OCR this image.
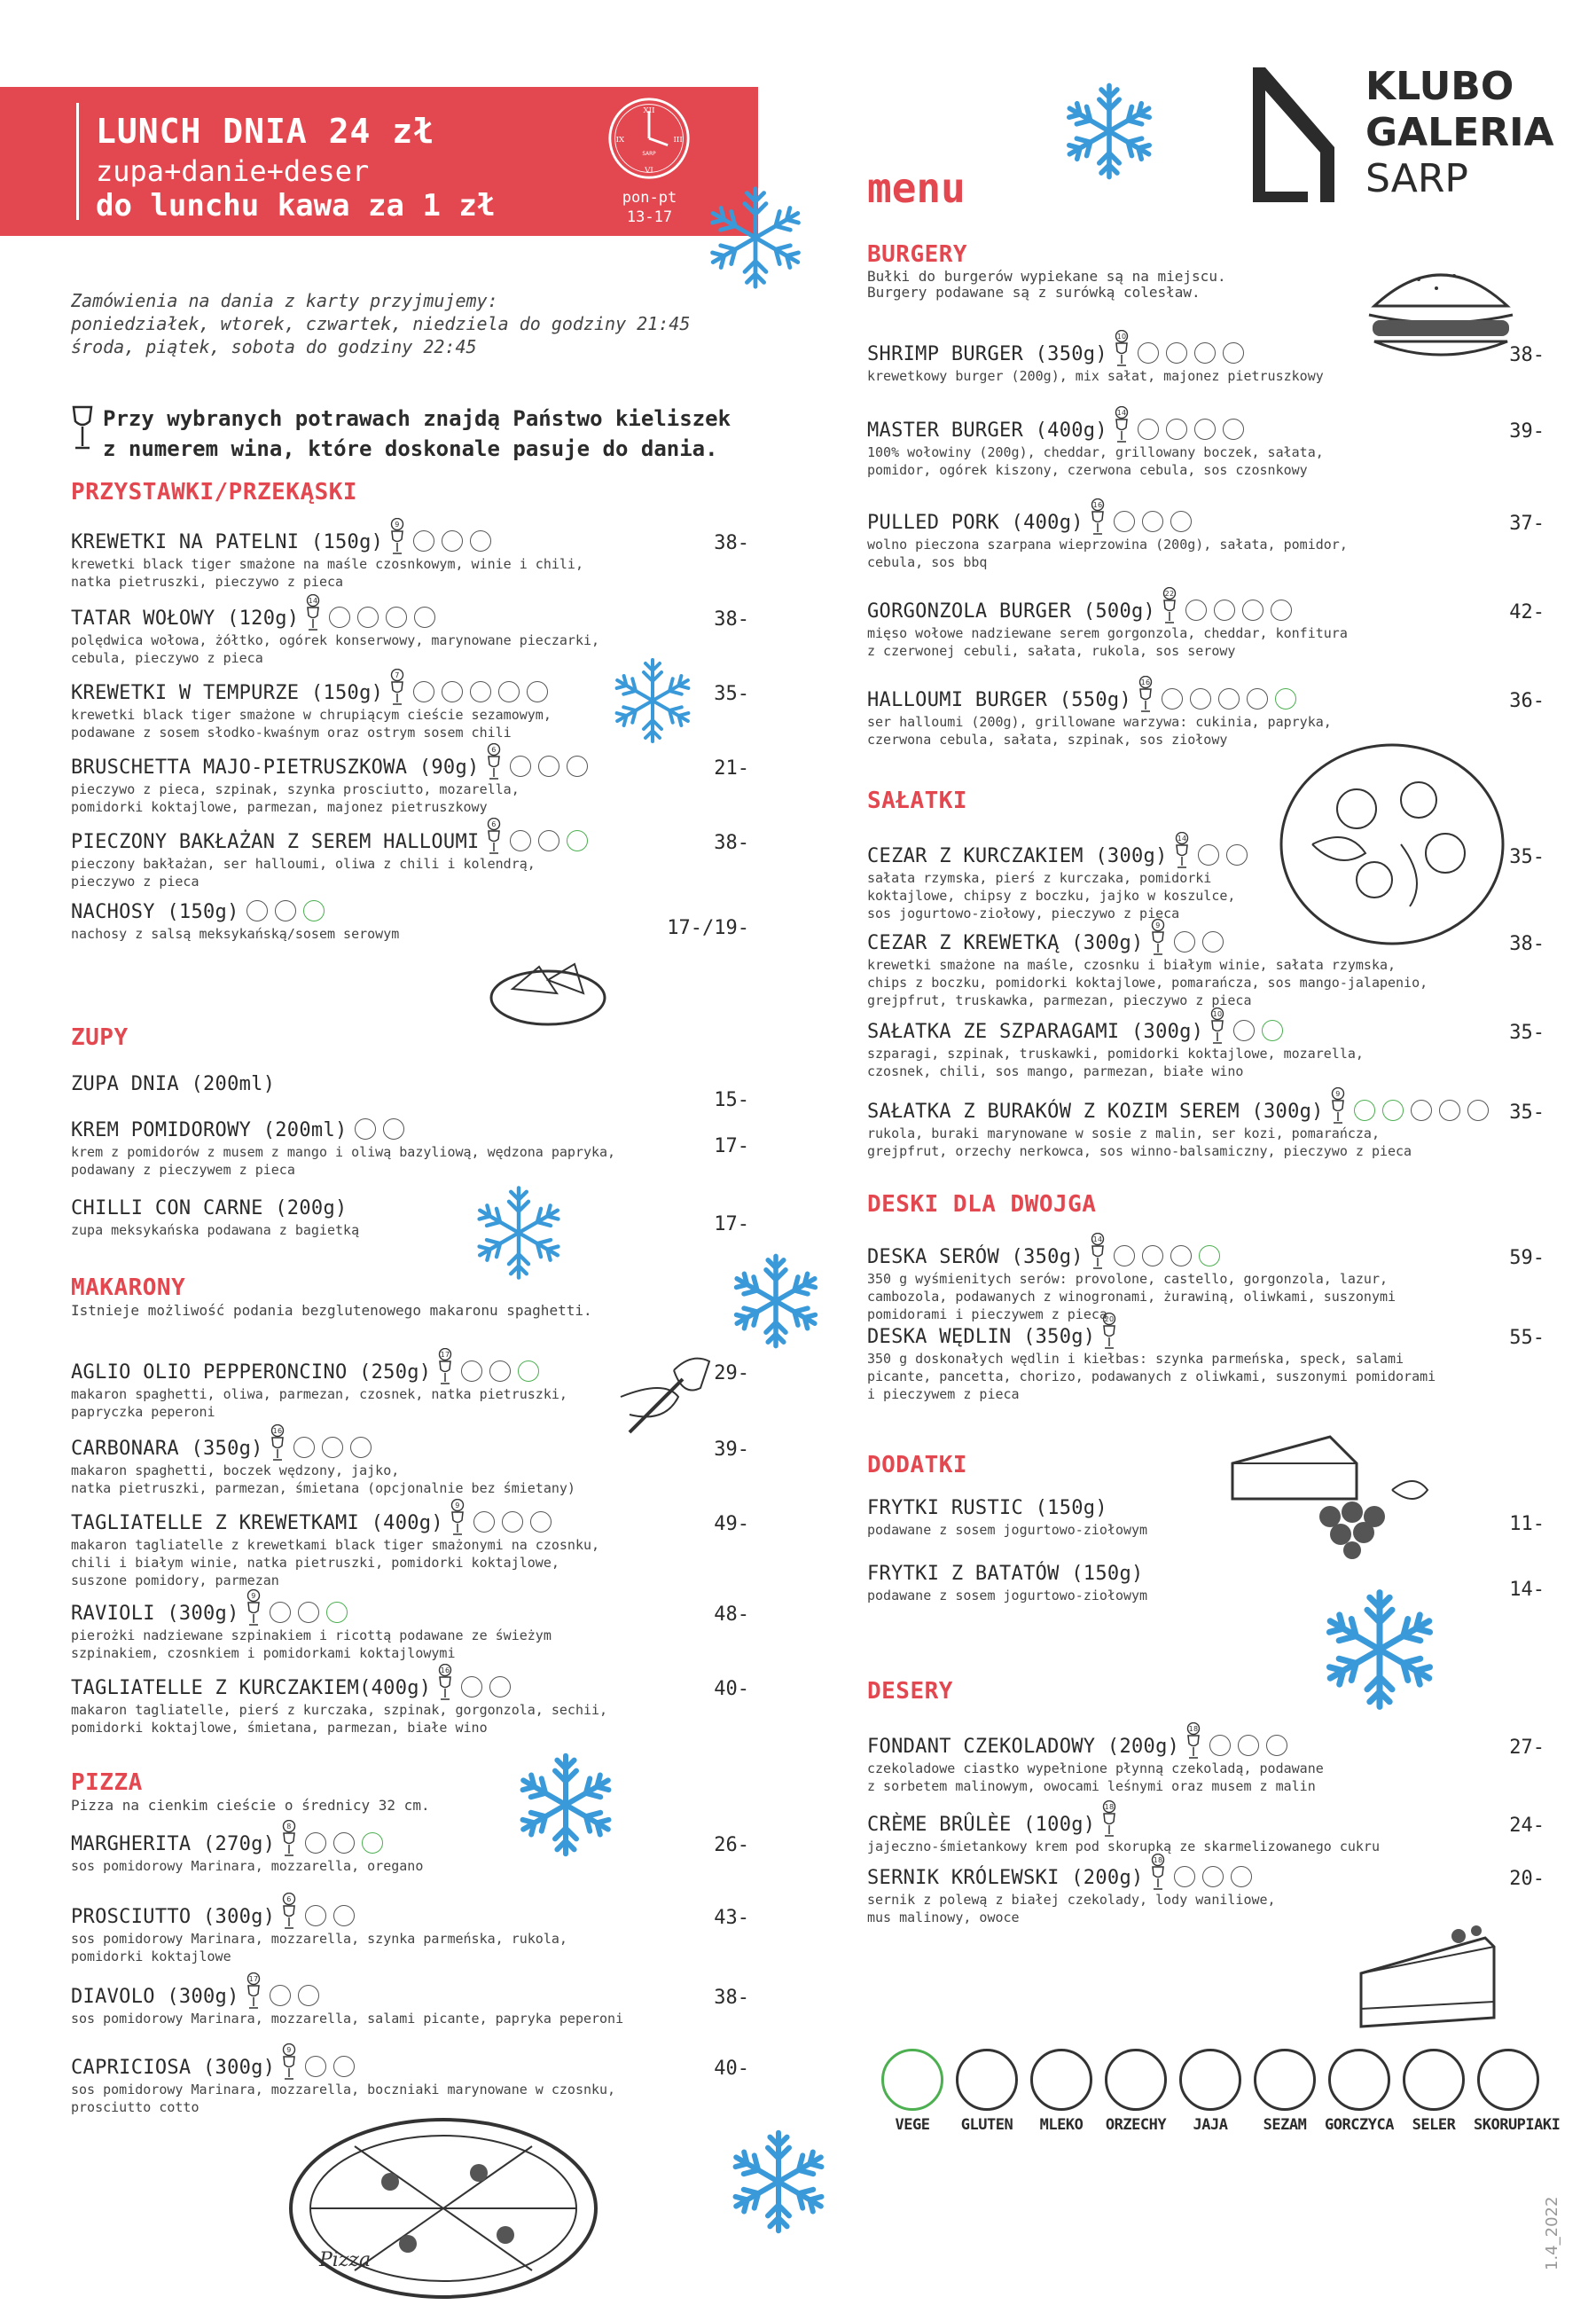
LUNCH DNIA 24 zł
zupa+danie+deser
do lunchu kawa za 1 zł
XII
III
VI
IX
SARP
pon-pt
13-17
KLUBO
GALERIA
SARP
menu
Zamówienia na dania z karty przyjmujemy:
poniedziałek, wtorek, czwartek, niedziela do godziny 21:45
środa, piątek, sobota do godziny 22:45
Przy wybranych potrawach znajdą Państwo kieliszek
z numerem wina, które doskonale pasuje do dania.
PRZYSTAWKI/PRZEKĄSKI
KREWETKI NA PATELNI (150g)
9
krewetki black tiger smażone na maśle czosnkowym, winie i chili,
natka pietruszki, pieczywo z pieca
38-
TATAR WOŁOWY (120g)
14
polędwica wołowa, żółtko, ogórek konserwowy, marynowane pieczarki,
cebula, pieczywo z pieca
38-
KREWETKI W TEMPURZE (150g)
7
krewetki black tiger smażone w chrupiącym cieście sezamowym,
podawane z sosem słodko-kwaśnym oraz ostrym sosem chili
35-
BRUSCHETTA MAJO-PIETRUSZKOWA (90g)
6
pieczywo z pieca, szpinak, szynka prosciutto, mozarella,
pomidorki koktajlowe, parmezan, majonez pietruszkowy
21-
PIECZONY BAKŁAŻAN Z SEREM HALLOUMI
6
pieczony bakłażan, ser halloumi, oliwa z chili i kolendrą,
pieczywo z pieca
38-
NACHOSY (150g)
nachosy z salsą meksykańską/sosem serowym	17-/19-
ZUPY
ZUPA DNIA (200ml)
15-
KREM POMIDOROWY (200ml)
krem z pomidorów z musem z mango i oliwą bazyliową, wędzona papryka,
podawany z pieczywem z pieca
17-
CHILLI CON CARNE (200g)
zupa meksykańska podawana z bagietką	17-
MAKARONY
Istnieje możliwość podania bezglutenowego makaronu spaghetti.
AGLIO OLIO PEPPERONCINO (250g)
17
makaron spaghetti, oliwa, parmezan, czosnek, natka pietruszki,
papryczka peperoni
29-
CARBONARA (350g)
16
makaron spaghetti, boczek wędzony, jajko,
natka pietruszki, parmezan, śmietana (opcjonalnie bez śmietany)
39-
TAGLIATELLE Z KREWETKAMI (400g)
9
makaron tagliatelle z krewetkami black tiger smażonymi na czosnku,
chili i białym winie, natka pietruszki, pomidorki koktajlowe,
suszone pomidory, parmezan
49-
RAVIOLI (300g)
9
pierożki nadziewane szpinakiem i ricottą podawane ze świeżym
szpinakiem, czosnkiem i pomidorkami koktajlowymi
48-
TAGLIATELLE Z KURCZAKIEM(400g)
16
makaron tagliatelle, pierś z kurczaka, szpinak, gorgonzola, sechii,
pomidorki koktajlowe, śmietana, parmezan, białe wino
40-
PIZZA
Pizza na cienkim cieście o średnicy 32 cm.
MARGHERITA (270g)
8
sos pomidorowy Marinara, mozzarella, oregano
26-
PROSCIUTTO (300g)
6
sos pomidorowy Marinara, mozzarella, szynka parmeńska, rukola,
pomidorki koktajlowe
43-
DIAVOLO (300g)
17
sos pomidorowy Marinara, mozzarella, salami picante, papryka peperoni
38-
CAPRICIOSA (300g)
9
sos pomidorowy Marinara, mozzarella, boczniaki marynowane w czosnku,
prosciutto cotto
40-
BURGERY
Bułki do burgerów wypiekane są na miejscu.
Burgery podawane są z surówką colesław.
SHRIMP BURGER (350g)
10
krewetkowy burger (200g), mix sałat, majonez pietruszkowy
38-
MASTER BURGER (400g)
14
100% wołowiny (200g), cheddar, grillowany boczek, sałata,
pomidor, ogórek kiszony, czerwona cebula, sos czosnkowy
39-
PULLED PORK (400g)
16
wolno pieczona szarpana wieprzowina (200g), sałata, pomidor,
cebula, sos bbq
37-
GORGONZOLA BURGER (500g)
22
mięso wołowe nadziewane serem gorgonzola, cheddar, konfitura
z czerwonej cebuli, sałata, rukola, sos serowy
42-
HALLOUMI BURGER (550g)
16
ser halloumi (200g), grillowane warzywa: cukinia, papryka,
czerwona cebula, sałata, szpinak, sos ziołowy
36-
SAŁATKI
CEZAR Z KURCZAKIEM (300g)
14
sałata rzymska, pierś z kurczaka, pomidorki
koktajlowe, chipsy z boczku, jajko w koszulce,
sos jogurtowo-ziołowy, pieczywo z pieca
35-
CEZAR Z KREWETKĄ (300g)
9
krewetki smażone na maśle, czosnku i białym winie, sałata rzymska,
chips z boczku, pomidorki koktajlowe, pomarańcza, sos mango-jalapenio,
grejpfrut, truskawka, parmezan, pieczywo z pieca
38-
SAŁATKA ZE SZPARAGAMI (300g)
10
szparagi, szpinak, truskawki, pomidorki koktajlowe, mozarella,
czosnek, chili, sos mango, parmezan, białe wino
35-
SAŁATKA Z BURAKÓW Z KOZIM SEREM (300g)
9
rukola, buraki marynowane w sosie z malin, ser kozi, pomarańcza,
grejpfrut, orzechy nerkowca, sos winno-balsamiczny, pieczywo z pieca
35-
DESKI DLA DWOJGA
DESKA SERÓW (350g)
14
350 g wyśmienitych serów: provolone, castello, gorgonzola, lazur,
cambozola, podawanych z winogronami, żurawiną, oliwkami, suszonymi
pomidorami i pieczywem z pieca
59-
DESKA WĘDLIN (350g)
20
350 g doskonałych wędlin i kiełbas: szynka parmeńska, speck, salami
picante, pancetta, chorizo, podawanych z oliwkami, suszonymi pomidorami
i pieczywem z pieca
55-
DODATKI
FRYTKI RUSTIC (150g)
podawane z sosem jogurtowo-ziołowym	11-
FRYTKI Z BATATÓW (150g)
podawane z sosem jogurtowo-ziołowym	14-
DESERY
FONDANT CZEKOLADOWY (200g)
18
czekoladowe ciastko wypełnione płynną czekoladą, podawane
z sorbetem malinowym, owocami leśnymi oraz musem z malin
27-
CRÈME BRÛLÈE (100g)
18
jajeczno-śmietankowy krem pod skorupką ze skarmelizowanego cukru
24-
SERNIK KRÓLEWSKI (200g)
18
sernik z polewą z białej czekolady, lody waniliowe,
mus malinowy, owoce
20-
Pizza
VEGE	GLUTEN	MLEKO	ORZECHY	JAJA	SEZAM	GORCZYCA	SELER	SKORUPIAKI
1.4_2022
